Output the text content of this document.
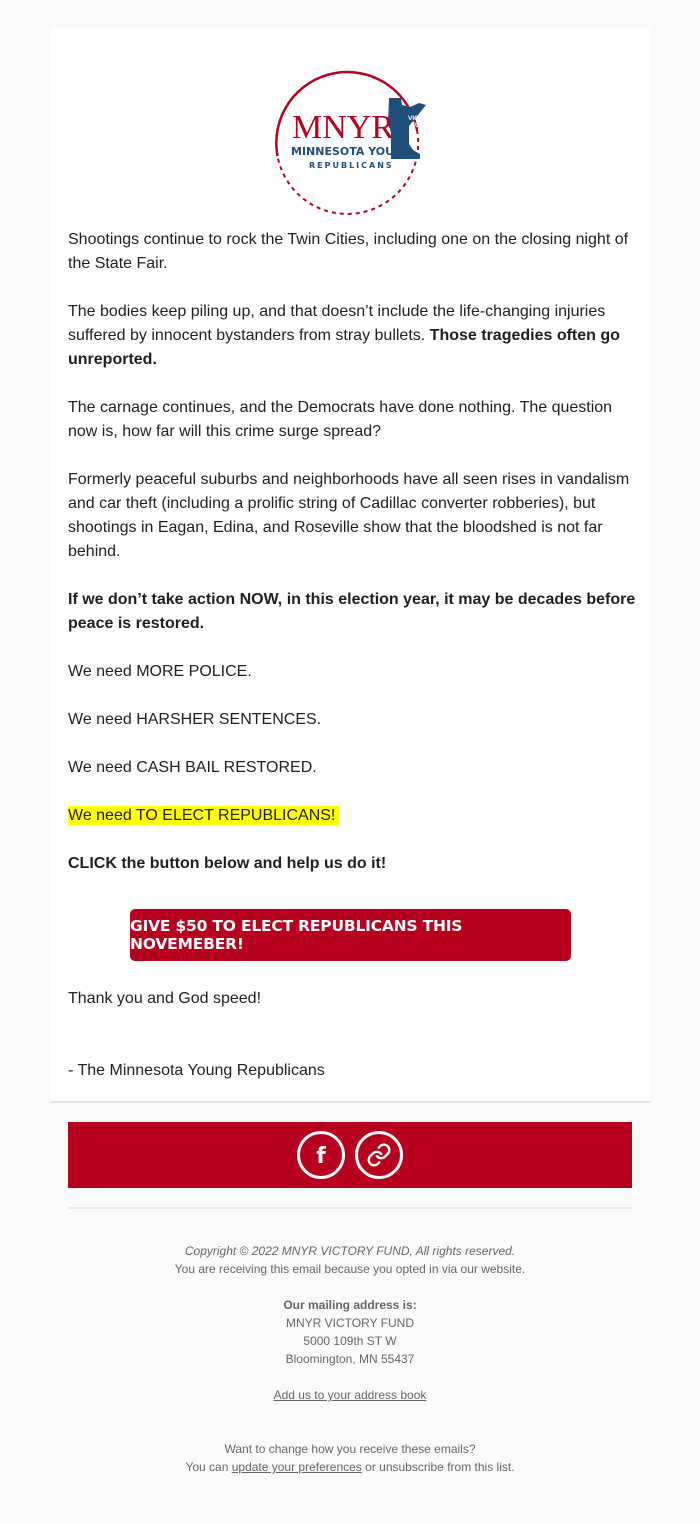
MNYR VICTORY
FUND
MINNESOTA YOUNG
REPUBLICANS

Shootings continue to rock the Twin Cities, including one on the closing night of the State Fair.

The bodies keep piling up, and that doesn’t include the life-changing injuries suffered by innocent bystanders from stray bullets. Those tragedies often go unreported.

The carnage continues, and the Democrats have done nothing. The question now is, how far will this crime surge spread?

Formerly peaceful suburbs and neighborhoods have all seen rises in vandalism and car theft (including a prolific string of Cadillac converter robberies), but shootings in Eagan, Edina, and Roseville show that the bloodshed is not far behind.

If we don’t take action NOW, in this election year, it may be decades before peace is restored.

We need MORE POLICE.

We need HARSHER SENTENCES.

We need CASH BAIL RESTORED.

We need TO ELECT REPUBLICANS!

CLICK the button below and help us do it!

GIVE $50 TO ELECT REPUBLICANS THIS NOVEMEBER!
Thank you and God speed!
- The Minnesota Young Republicans
f
Copyright © 2022 MNYR VICTORY FUND, All rights reserved.
You are receiving this email because you opted in via our website.
Our mailing address is:
MNYR VICTORY FUND
5000 109th ST W
Bloomington, MN 55437
Add us to your address book
Want to change how you receive these emails?
You can update your preferences or unsubscribe from this list.
